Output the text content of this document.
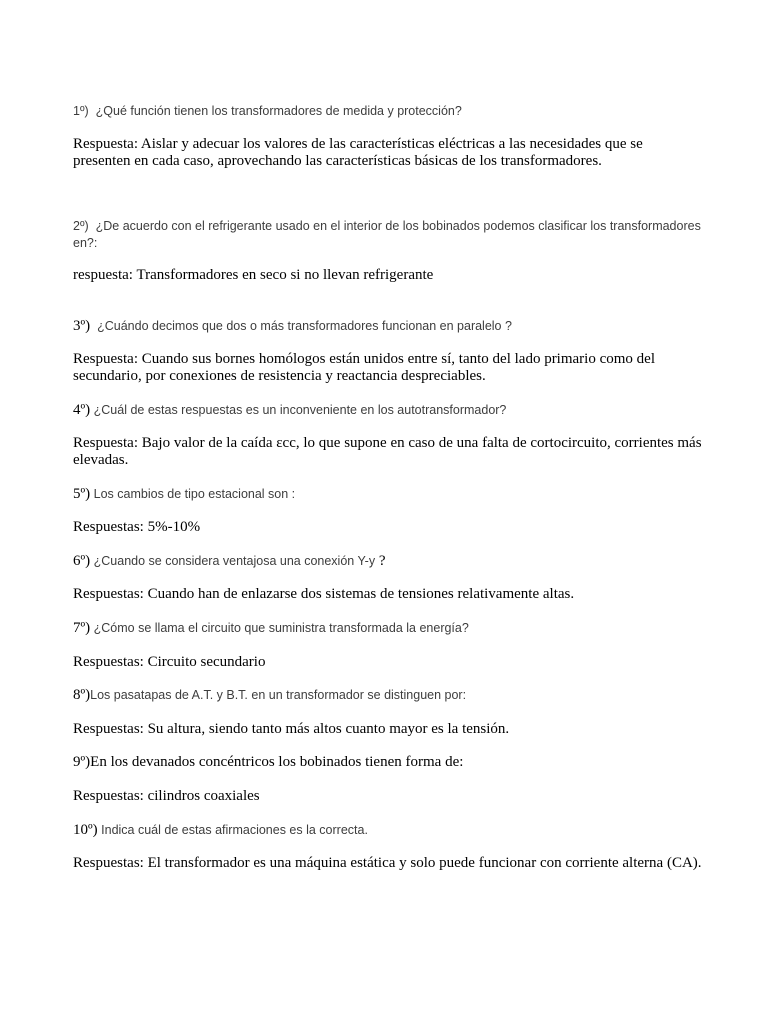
1º) ¿Qué función tienen los transformadores de medida y protección?

Respuesta: Aislar y adecuar los valores de las características eléctricas a las necesidades que se presenten en cada caso, aprovechando las características básicas de los transformadores.

2º) ¿De acuerdo con el refrigerante usado en el interior de los bobinados podemos clasificar los transformadores en?:

respuesta: Transformadores en seco si no llevan refrigerante

3º) ¿Cuándo decimos que dos o más transformadores funcionan en paralelo ?

Respuesta: Cuando sus bornes homólogos están unidos entre sí, tanto del lado primario como del secundario, por conexiones de resistencia y reactancia despreciables.

4º) ¿Cuál de estas respuestas es un inconveniente en los autotransformador?

Respuesta: Bajo valor de la caída εcc, lo que supone en caso de una falta de cortocircuito, corrientes más elevadas.

5º) Los cambios de tipo estacional son :

Respuestas: 5%-10%

6º) ¿Cuando se considera ventajosa una conexión Y-y ?

Respuestas: Cuando han de enlazarse dos sistemas de tensiones relativamente altas.

7º) ¿Cómo se llama el circuito que suministra transformada la energía?

Respuestas: Circuito secundario

8º)Los pasatapas de A.T. y B.T. en un transformador se distinguen por:

Respuestas: Su altura, siendo tanto más altos cuanto mayor es la tensión.

9º)En los devanados concéntricos los bobinados tienen forma de:

Respuestas: cilindros coaxiales

10º) Indica cuál de estas afirmaciones es la correcta.

Respuestas: El transformador es una máquina estática y solo puede funcionar con corriente alterna (CA).
